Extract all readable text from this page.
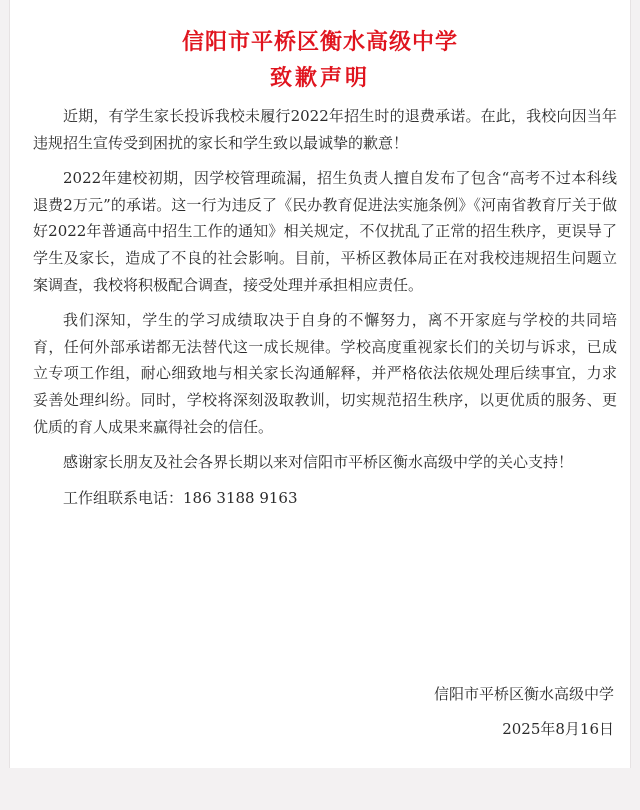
信阳市平桥区衡水高级中学
致歉声明

近期，有学生家长投诉我校未履行2022年招生时的退费承诺。在此，我校向因当年违规招生宣传受到困扰的家长和学生致以最诚挚的歉意！

2022年建校初期，因学校管理疏漏，招生负责人擅自发布了包含“高考不过本科线退费2万元”的承诺。这一行为违反了《民办教育促进法实施条例》《河南省教育厅关于做好2022年普通高中招生工作的通知》相关规定，不仅扰乱了正常的招生秩序，更误导了学生及家长，造成了不良的社会影响。目前，平桥区教体局正在对我校违规招生问题立案调查，我校将积极配合调查，接受处理并承担相应责任。

我们深知，学生的学习成绩取决于自身的不懈努力，离不开家庭与学校的共同培育，任何外部承诺都无法替代这一成长规律。学校高度重视家长们的关切与诉求，已成立专项工作组，耐心细致地与相关家长沟通解释，并严格依法依规处理后续事宜，力求妥善处理纠纷。同时，学校将深刻汲取教训，切实规范招生秩序，以更优质的服务、更优质的育人成果来赢得社会的信任。

感谢家长朋友及社会各界长期以来对信阳市平桥区衡水高级中学的关心支持！

工作组联系电话：186 3188 9163

信阳市平桥区衡水高级中学
2025年8月16日
